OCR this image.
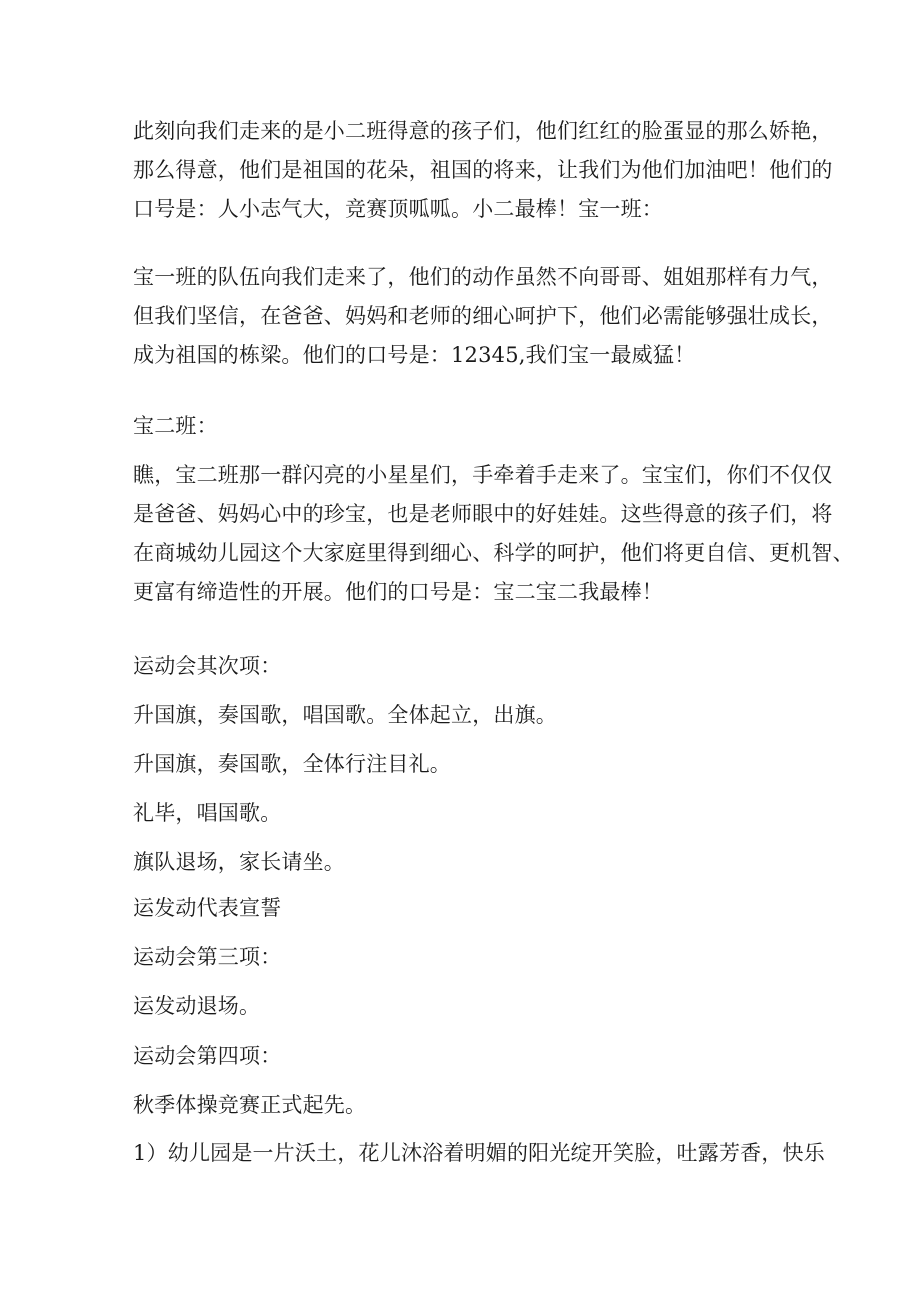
此刻向我们走来的是小二班得意的孩子们，他们红红的脸蛋显的那么娇艳，
那么得意，他们是祖国的花朵，祖国的将来，让我们为他们加油吧！他们的
口号是：人小志气大，竞赛顶呱呱。小二最棒！宝一班：
宝一班的队伍向我们走来了，他们的动作虽然不向哥哥、姐姐那样有力气，
但我们坚信，在爸爸、妈妈和老师的细心呵护下，他们必需能够强壮成长，
成为祖国的栋梁。他们的口号是：12345,我们宝一最威猛！
宝二班：
瞧，宝二班那一群闪亮的小星星们，手牵着手走来了。宝宝们，你们不仅仅
是爸爸、妈妈心中的珍宝，也是老师眼中的好娃娃。这些得意的孩子们，将
在商城幼儿园这个大家庭里得到细心、科学的呵护，他们将更自信、更机智、
更富有缔造性的开展。他们的口号是：宝二宝二我最棒！
运动会其次项：
升国旗，奏国歌，唱国歌。全体起立，出旗。
升国旗，奏国歌，全体行注目礼。
礼毕，唱国歌。
旗队退场，家长请坐。
运发动代表宣誓
运动会第三项：
运发动退场。
运动会第四项：
秋季体操竞赛正式起先。
1）幼儿园是一片沃土，花儿沐浴着明媚的阳光绽开笑脸，吐露芳香，快乐
